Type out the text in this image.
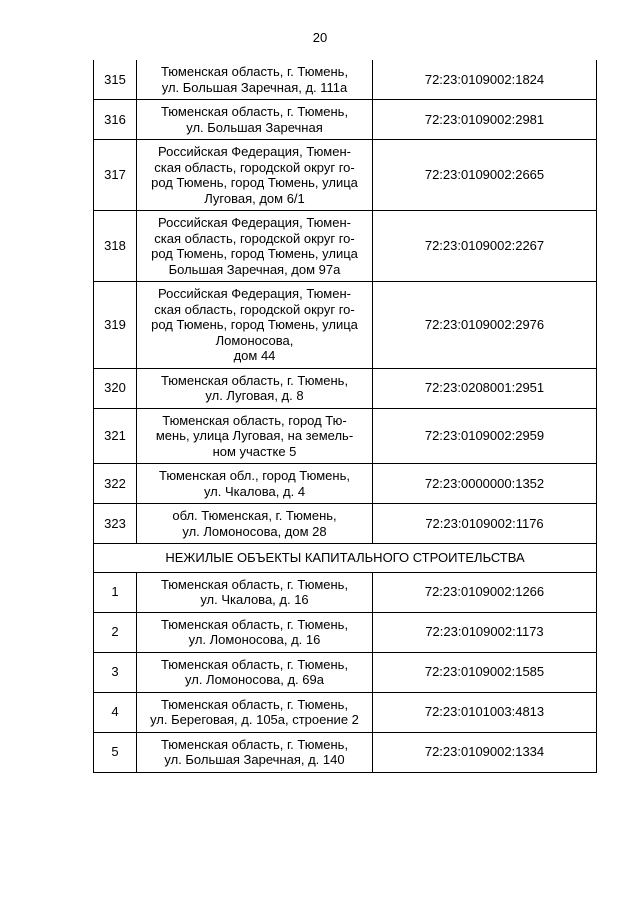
20
315	Тюменская область, г. Тюмень,
ул. Большая Заречная, д. 111а	72:23:0109002:1824
316	Тюменская область, г. Тюмень,
ул. Большая Заречная	72:23:0109002:2981
317	Российская Федерация, Тюмен-
ская область, городской округ го-
род Тюмень, город Тюмень, улица
Луговая, дом 6/1	72:23:0109002:2665
318	Российская Федерация, Тюмен-
ская область, городской округ го-
род Тюмень, город Тюмень, улица
Большая Заречная, дом 97а	72:23:0109002:2267
319	Российская Федерация, Тюмен-
ская область, городской округ го-
род Тюмень, город Тюмень, улица
Ломоносова,
дом 44	72:23:0109002:2976
320	Тюменская область, г. Тюмень,
ул. Луговая, д. 8	72:23:0208001:2951
321	Тюменская область, город Тю-
мень, улица Луговая, на земель-
ном участке 5	72:23:0109002:2959
322	Тюменская обл., город Тюмень,
ул. Чкалова, д. 4	72:23:0000000:1352
323	обл. Тюменская, г. Тюмень,
ул. Ломоносова, дом 28	72:23:0109002:1176
НЕЖИЛЫЕ ОБЪЕКТЫ КАПИТАЛЬНОГО СТРОИТЕЛЬСТВА		
1	Тюменская область, г. Тюмень,
ул. Чкалова, д. 16	72:23:0109002:1266
2	Тюменская область, г. Тюмень,
ул. Ломоносова, д. 16	72:23:0109002:1173
3	Тюменская область, г. Тюмень,
ул. Ломоносова, д. 69а	72:23:0109002:1585
4	Тюменская область, г. Тюмень,
ул. Береговая, д. 105а, строение 2	72:23:0101003:4813
5	Тюменская область, г. Тюмень,
ул. Большая Заречная, д. 140	72:23:0109002:1334
